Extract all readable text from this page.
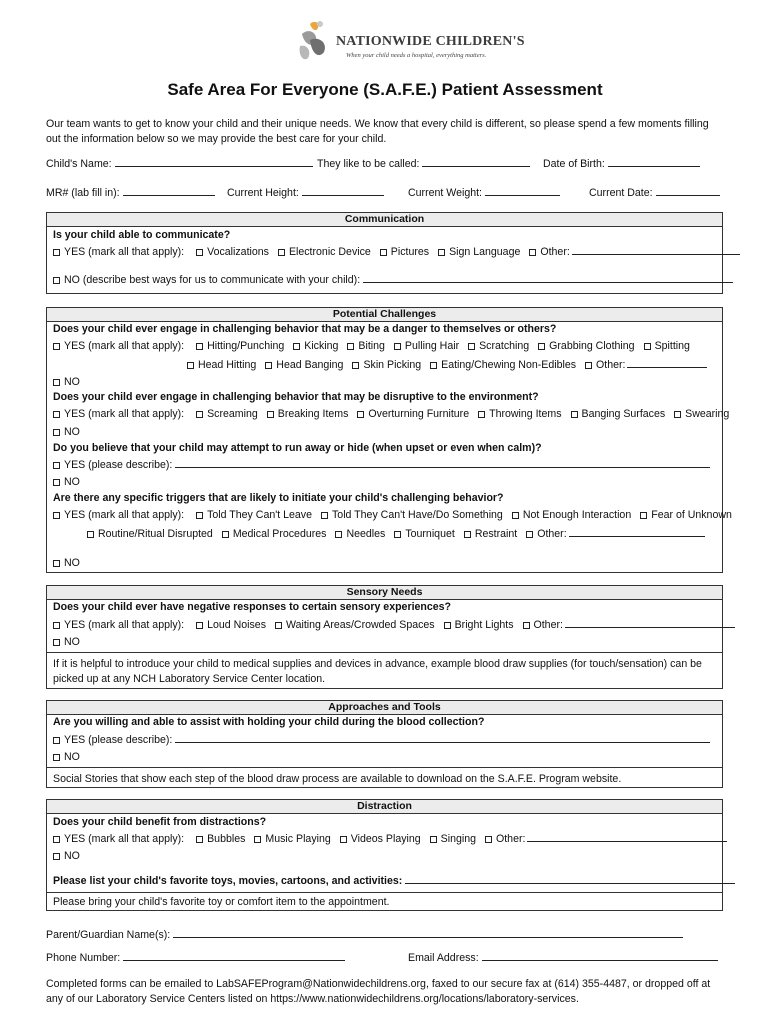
NATIONWIDE CHILDREN'S
When your child needs a hospital, everything matters.
Safe Area For Everyone (S.A.F.E.) Patient Assessment
Our team wants to get to know your child and their unique needs. We know that every child is different, so please spend a few moments filling out the information below so we may provide the best care for your child.
Child's Name:	They like to be called:	Date of Birth:
MR# (lab fill in):	Current Height:	Current Weight:	Current Date:
Communication
Is your child able to communicate?
YES (mark all that apply): Vocalizations Electronic Device Pictures Sign Language Other:
NO (describe best ways for us to communicate with your child):
Potential Challenges
Does your child ever engage in challenging behavior that may be a danger to themselves or others?
YES (mark all that apply): Hitting/Punching Kicking Biting Pulling Hair Scratching Grabbing Clothing Spitting
Head Hitting Head Banging Skin Picking Eating/Chewing Non-Edibles Other:
NO
Does your child ever engage in challenging behavior that may be disruptive to the environment?
YES (mark all that apply): Screaming Breaking Items Overturning Furniture Throwing Items Banging Surfaces Swearing
NO
Do you believe that your child may attempt to run away or hide (when upset or even when calm)?
YES (please describe):
NO
Are there any specific triggers that are likely to initiate your child's challenging behavior?
YES (mark all that apply): Told They Can't Leave Told They Can't Have/Do Something Not Enough Interaction Fear of Unknown
Routine/Ritual Disrupted Medical Procedures Needles Tourniquet Restraint Other:
NO
Sensory Needs
Does your child ever have negative responses to certain sensory experiences?
YES (mark all that apply): Loud Noises Waiting Areas/Crowded Spaces Bright Lights Other:
NO
If it is helpful to introduce your child to medical supplies and devices in advance, example blood draw supplies (for touch/sensation) can be picked up at any NCH Laboratory Service Center location.
Approaches and Tools
Are you willing and able to assist with holding your child during the blood collection?
YES (please describe):
NO
Social Stories that show each step of the blood draw process are available to download on the S.A.F.E. Program website.
Distraction
Does your child benefit from distractions?
YES (mark all that apply): Bubbles Music Playing Videos Playing Singing Other:
NO
Please list your child's favorite toys, movies, cartoons, and activities:
Please bring your child's favorite toy or comfort item to the appointment.
Parent/Guardian Name(s):
Phone Number:	Email Address:
Completed forms can be emailed to LabSAFEProgram@Nationwidechildrens.org, faxed to our secure fax at (614) 355-4487, or dropped off at any of our Laboratory Service Centers listed on https://www.nationwidechildrens.org/locations/laboratory-services.
